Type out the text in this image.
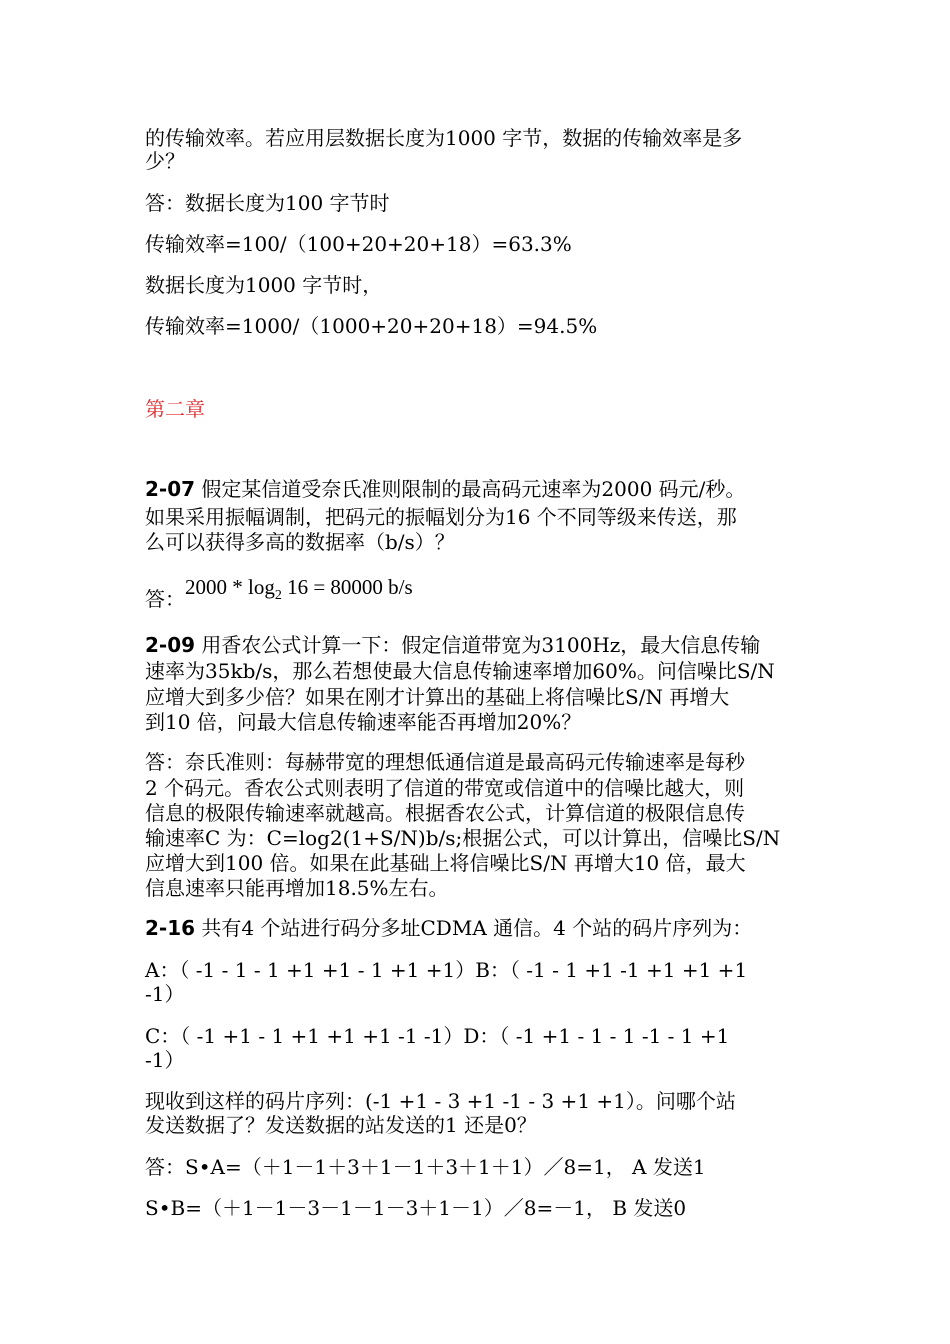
的传输效率。若应用层数据长度为1000 字节，数据的传输效率是多
少？
答：数据长度为100 字节时
传输效率=100/（100+20+20+18）=63.3%
数据长度为1000 字节时，
传输效率=1000/（1000+20+20+18）=94.5%
第二章
2-07 假定某信道受奈氏准则限制的最高码元速率为2000 码元/秒。
如果采用振幅调制，把码元的振幅划分为16 个不同等级来传送，那
么可以获得多高的数据率（b/s）？
答：$2000 * \log_2 16 = 80000$ b/s
2-09 用香农公式计算一下：假定信道带宽为3100Hz，最大信息传输
速率为35kb/s，那么若想使最大信息传输速率增加60%。问信噪比S/N
应增大到多少倍？如果在刚才计算出的基础上将信噪比S/N 再增大
到10 倍，问最大信息传输速率能否再增加20%？
答：奈氏准则：每赫带宽的理想低通信道是最高码元传输速率是每秒
2 个码元。香农公式则表明了信道的带宽或信道中的信噪比越大，则
信息的极限传输速率就越高。根据香农公式，计算信道的极限信息传
输速率C 为：C=log2(1+S/N)b/s;根据公式，可以计算出，信噪比S/N
应增大到100 倍。如果在此基础上将信噪比S/N 再增大10 倍，最大
信息速率只能再增加18.5%左右。
2-16 共有4 个站进行码分多址CDMA 通信。4 个站的码片序列为：
A：（ -1 - 1 - 1 +1 +1 - 1 +1 +1）B：（ -1 - 1 +1 -1 +1 +1 +1
-1）
C：（ -1 +1 - 1 +1 +1 +1 -1 -1）D：（ -1 +1 - 1 - 1 -1 - 1 +1
-1）
现收到这样的码片序列：(-1 +1 - 3 +1 -1 - 3 +1 +1）。问哪个站
发送数据了？发送数据的站发送的1 还是0？
答：S•A=（＋1－1＋3＋1－1＋3＋1＋1）／8=1， A 发送1
S•B=（＋1－1－3－1－1－3＋1－1）／8=－1， B 发送0
